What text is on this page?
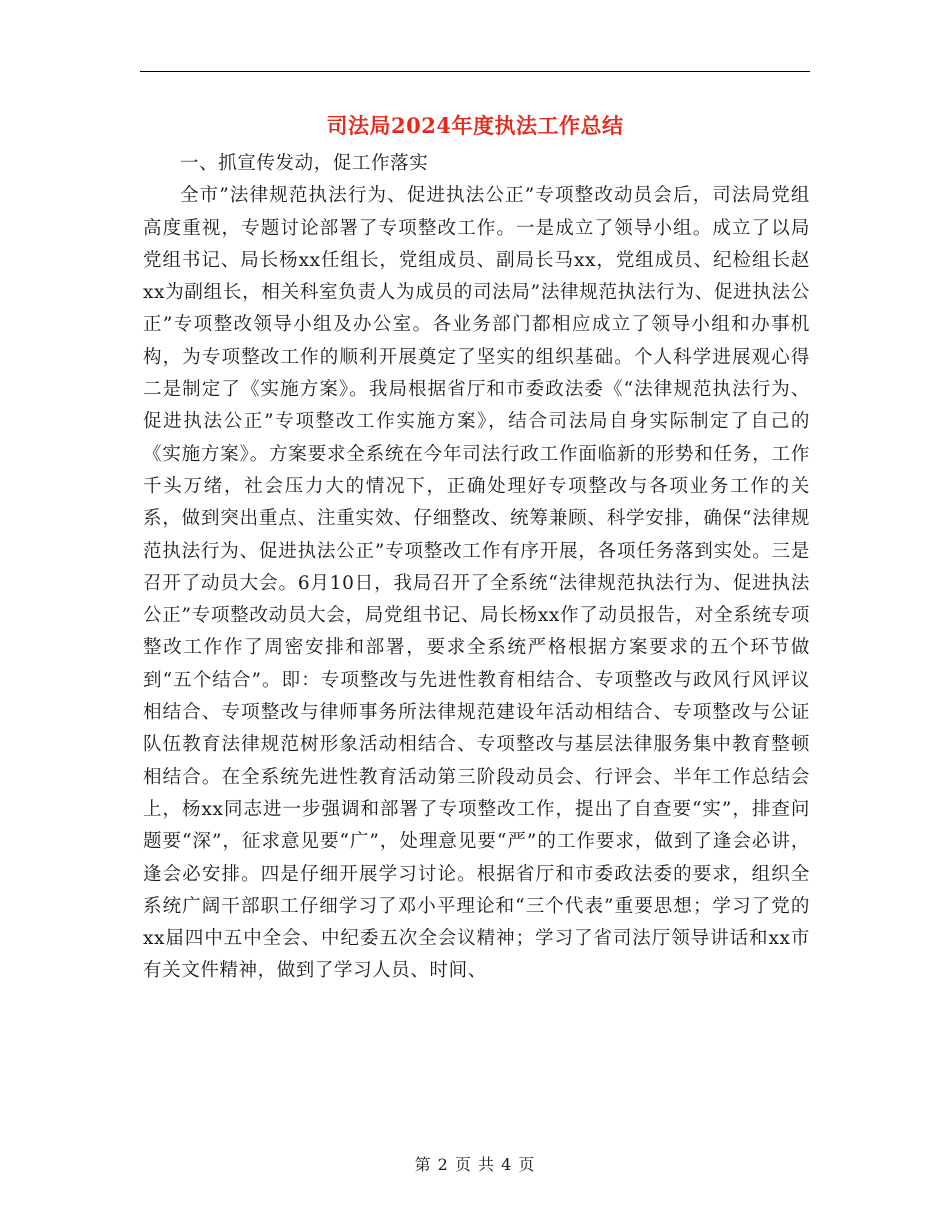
司法局2024年度执法工作总结

一、抓宣传发动，促工作落实

全市”法律规范执法行为、促进执法公正”专项整改动员会后，司法局党组高度重视，专题讨论部署了专项整改工作。一是成立了领导小组。成立了以局党组书记、局长杨xx任组长，党组成员、副局长马xx，党组成员、纪检组长赵xx为副组长，相关科室负责人为成员的司法局”法律规范执法行为、促进执法公正”专项整改领导小组及办公室。各业务部门都相应成立了领导小组和办事机构，为专项整改工作的顺利开展奠定了坚实的组织基础。个人科学进展观心得二是制定了《实施方案》。我局根据省厅和市委政法委《“法律规范执法行为、促进执法公正”专项整改工作实施方案》，结合司法局自身实际制定了自己的《实施方案》。方案要求全系统在今年司法行政工作面临新的形势和任务，工作千头万绪，社会压力大的情况下，正确处理好专项整改与各项业务工作的关系，做到突出重点、注重实效、仔细整改、统筹兼顾、科学安排，确保“法律规范执法行为、促进执法公正”专项整改工作有序开展，各项任务落到实处。三是召开了动员大会。6月10日，我局召开了全系统“法律规范执法行为、促进执法公正”专项整改动员大会，局党组书记、局长杨xx作了动员报告，对全系统专项整改工作作了周密安排和部署，要求全系统严格根据方案要求的五个环节做到“五个结合”。即：专项整改与先进性教育相结合、专项整改与政风行风评议相结合、专项整改与律师事务所法律规范建设年活动相结合、专项整改与公证队伍教育法律规范树形象活动相结合、专项整改与基层法律服务集中教育整顿相结合。在全系统先进性教育活动第三阶段动员会、行评会、半年工作总结会上，杨xx同志进一步强调和部署了专项整改工作，提出了自查要“实”，排查问题要“深”，征求意见要“广”，处理意见要“严”的工作要求，做到了逢会必讲，逢会必安排。四是仔细开展学习讨论。根据省厅和市委政法委的要求，组织全系统广阔干部职工仔细学习了邓小平理论和“三个代表”重要思想；学习了党的xx届四中五中全会、中纪委五次全会议精神；学习了省司法厅领导讲话和xx市有关文件精神，做到了学习人员、时间、

第 2 页 共 4 页
